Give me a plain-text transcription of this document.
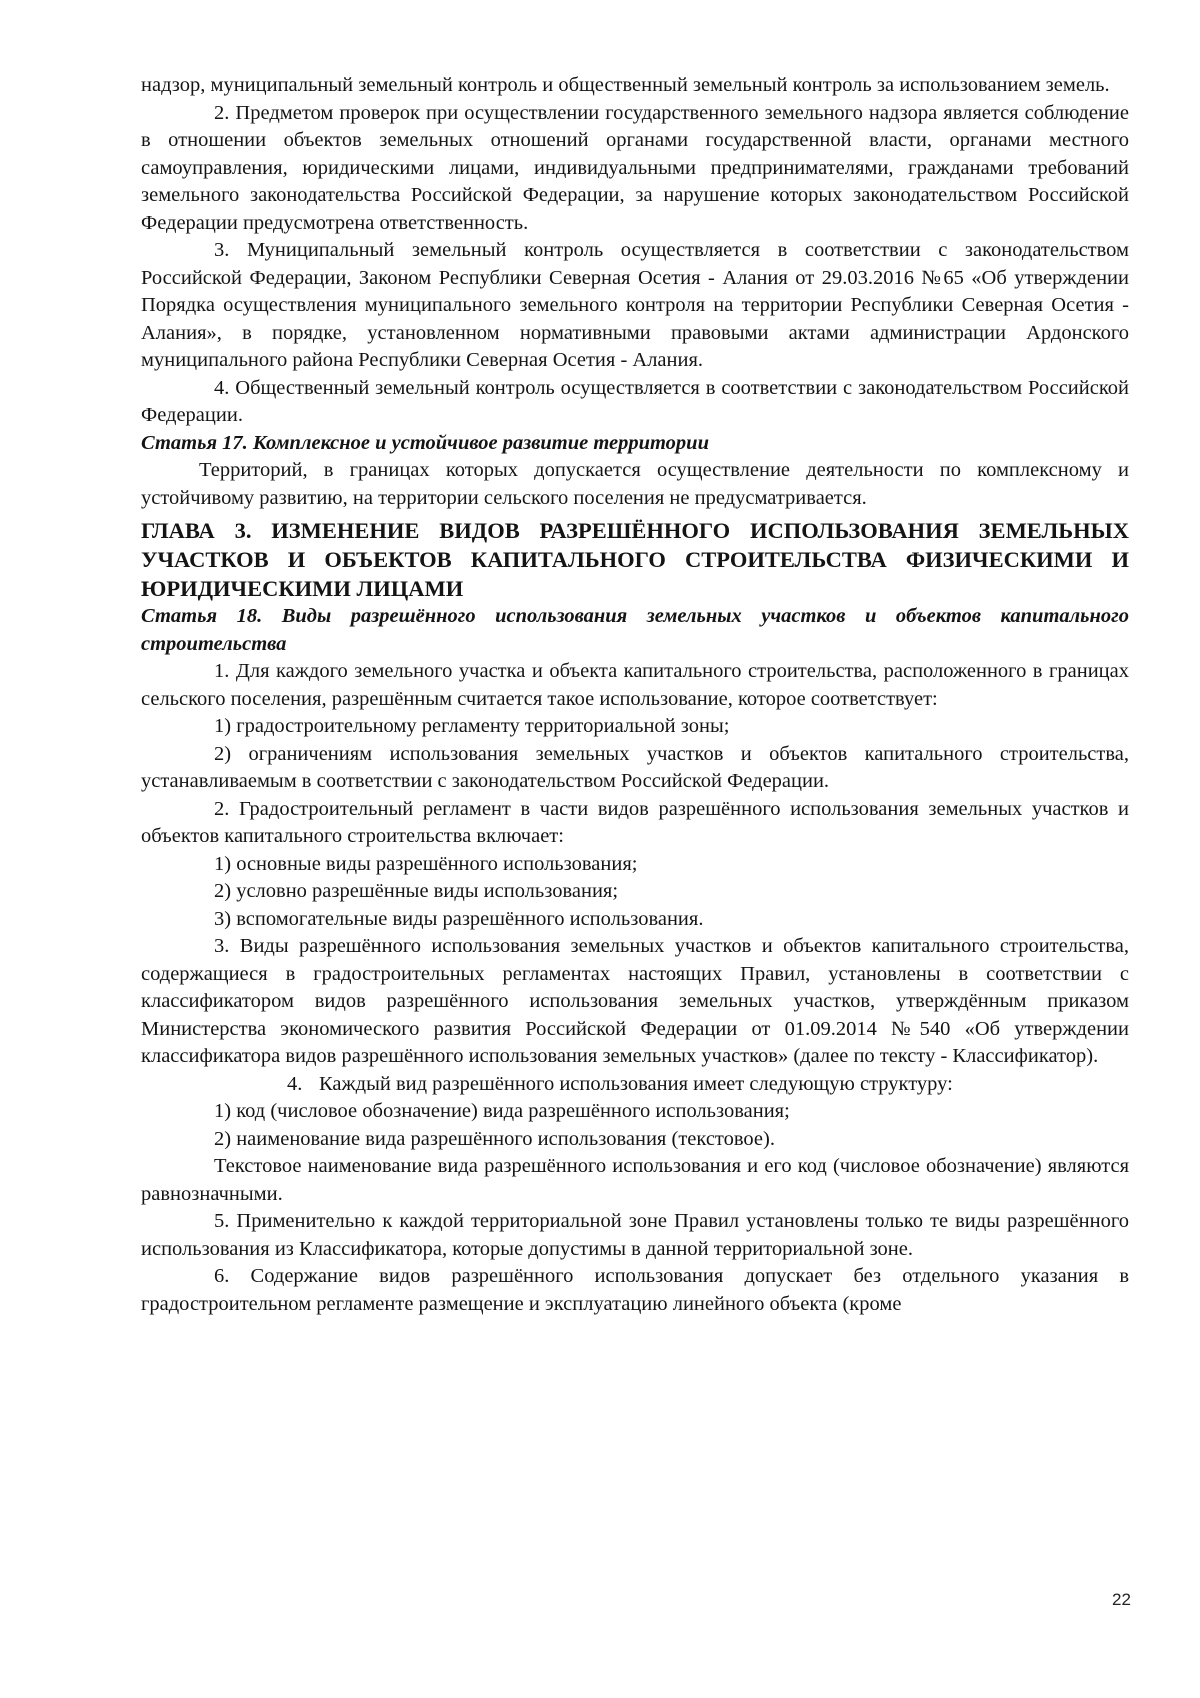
надзор, муниципальный земельный контроль и общественный земельный контроль за использованием земель.
2. Предметом проверок при осуществлении государственного земельного надзора является соблюдение в отношении объектов земельных отношений органами государственной власти, органами местного самоуправления, юридическими лицами, индивидуальными предпринимателями, гражданами требований земельного законодательства Российской Федерации, за нарушение которых законодательством Российской Федерации предусмотрена ответственность.
3. Муниципальный земельный контроль осуществляется в соответствии с законодательством Российской Федерации, Законом Республики Северная Осетия - Алания от 29.03.2016 №65 «Об утверждении Порядка осуществления муниципального земельного контроля на территории Республики Северная Осетия - Алания», в порядке, установленном нормативными правовыми актами администрации Ардонского муниципального района Республики Северная Осетия - Алания.
4. Общественный земельный контроль осуществляется в соответствии с законодательством Российской Федерации.
Статья 17. Комплексное и устойчивое развитие территории
Территорий, в границах которых допускается осуществление деятельности по комплексному и устойчивому развитию, на территории сельского поселения не предусматривается.
ГЛАВА 3. ИЗМЕНЕНИЕ ВИДОВ РАЗРЕШЁННОГО ИСПОЛЬЗОВАНИЯ ЗЕМЕЛЬНЫХ УЧАСТКОВ И ОБЪЕКТОВ КАПИТАЛЬНОГО СТРОИТЕЛЬСТВА ФИЗИЧЕСКИМИ И ЮРИДИЧЕСКИМИ ЛИЦАМИ
Статья 18. Виды разрешённого использования земельных участков и объектов капитального строительства
1. Для каждого земельного участка и объекта капитального строительства, расположенного в границах сельского поселения, разрешённым считается такое использование, которое соответствует:
1) градостроительному регламенту территориальной зоны;
2) ограничениям использования земельных участков и объектов капитального строительства, устанавливаемым в соответствии с законодательством Российской Федерации.
2. Градостроительный регламент в части видов разрешённого использования земельных участков и объектов капитального строительства включает:
1) основные виды разрешённого использования;
2) условно разрешённые виды использования;
3) вспомогательные виды разрешённого использования.
3. Виды разрешённого использования земельных участков и объектов капитального строительства, содержащиеся в градостроительных регламентах настоящих Правил, установлены в соответствии с классификатором видов разрешённого использования земельных участков, утверждённым приказом Министерства экономического развития Российской Федерации от 01.09.2014 №540 «Об утверждении классификатора видов разрешённого использования земельных участков» (далее по тексту - Классификатор).
4. Каждый вид разрешённого использования имеет следующую структуру:
1) код (числовое обозначение) вида разрешённого использования;
2) наименование вида разрешённого использования (текстовое).
Текстовое наименование вида разрешённого использования и его код (числовое обозначение) являются равнозначными.
5. Применительно к каждой территориальной зоне Правил установлены только те виды разрешённого использования из Классификатора, которые допустимы в данной территориальной зоне.
6. Содержание видов разрешённого использования допускает без отдельного указания в градостроительном регламенте размещение и эксплуатацию линейного объекта (кроме
22
